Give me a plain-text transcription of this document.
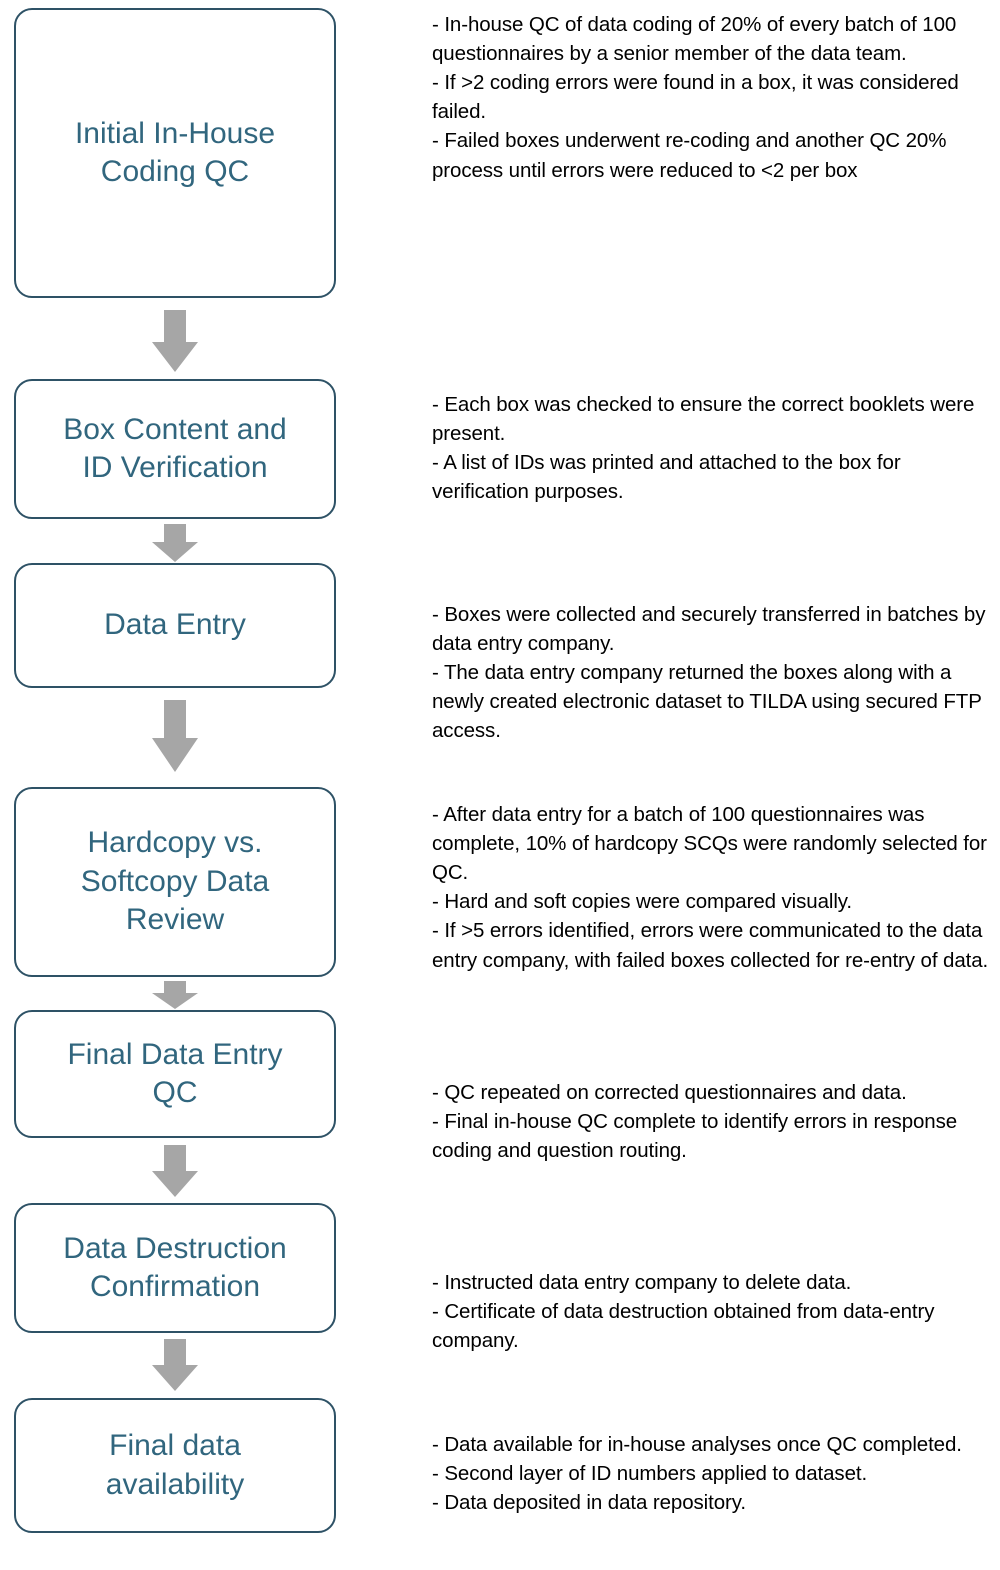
Initial In-House
Coding QC
Box Content and
ID Verification
Data Entry
Hardcopy vs.
Softcopy Data
Review
Final Data Entry
QC
Data Destruction
Confirmation
Final data
availability
- In-house QC of data coding of 20% of every batch of 100 questionnaires by a senior member of the data team.
- If >2 coding errors were found in a box, it was considered failed.
- Failed boxes underwent re-coding and another QC 20% process until errors were reduced to <2 per box
- Each box was checked to ensure the correct booklets were present.
- A list of IDs was printed and attached to the box for verification purposes.
- Boxes were collected and securely transferred in batches by data entry company.
- The data entry company returned the boxes along with a newly created electronic dataset to TILDA using secured FTP access.
- After data entry for a batch of 100 questionnaires was complete, 10% of hardcopy SCQs were randomly selected for QC.
- Hard and soft copies were compared visually.
- If >5 errors identified, errors were communicated to the data entry company, with failed boxes collected for re-entry of data.
- QC repeated on corrected questionnaires and data.
- Final in-house QC complete to identify errors in response coding and question routing.
- Instructed data entry company to delete data.
- Certificate of data destruction obtained from data-entry company.
- Data available for in-house analyses once QC completed.
- Second layer of ID numbers applied to dataset.
- Data deposited in data repository.
